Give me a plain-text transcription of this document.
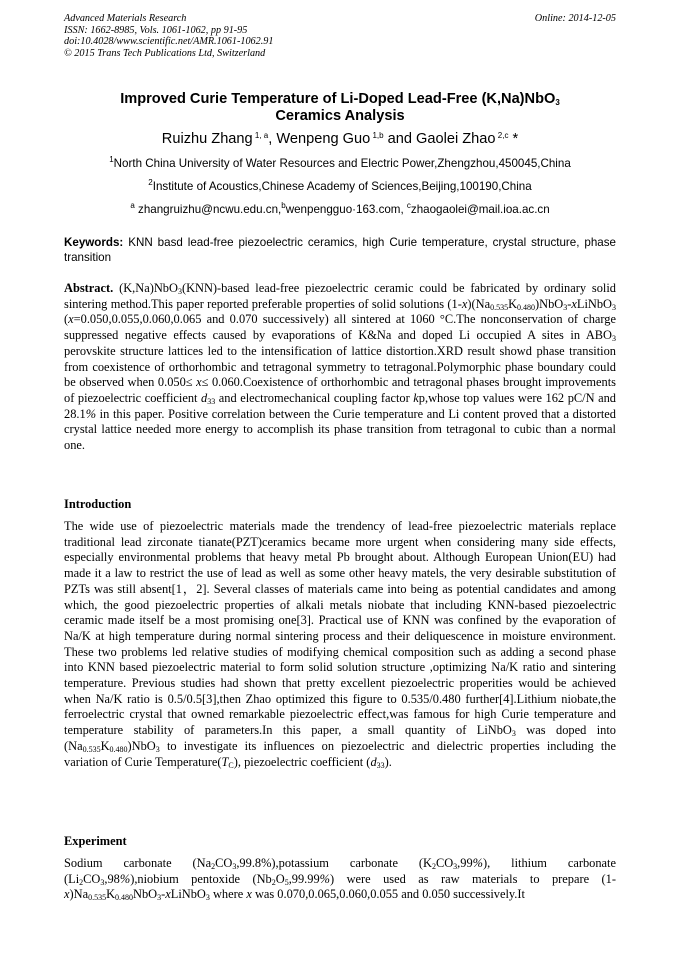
Advanced Materials Research
ISSN: 1662-8985, Vols. 1061-1062, pp 91-95
doi:10.4028/www.scientific.net/AMR.1061-1062.91
© 2015 Trans Tech Publications Ltd, Switzerland
Online: 2014-12-05
Improved Curie Temperature of Li-Doped Lead-Free (K,Na)NbO$_3$
Ceramics Analysis
Ruizhu Zhang $^{1, a}$, Wenpeng Guo $^{1,b}$ and Gaolei Zhao $^{2,c}$ *
$^1$North China University of Water Resources and Electric Power,Zhengzhou,450045,China
$^2$Institute of Acoustics,Chinese Academy of Sciences,Beijing,100190,China
$^a$ zhangruizhu@ncwu.edu.cn,$^b$wenpengguo·163.com, $^c$zhaogaolei@mail.ioa.ac.cn
Keywords: KNN basd lead-free piezoelectric ceramics, high Curie temperature, crystal structure, phase transition
Abstract. (K,Na)NbO$_3$(KNN)-based lead-free piezoelectric ceramic could be fabricated by ordinary solid sintering method.This paper reported preferable properties of solid solutions $(1-x)(Na_{0.535}K_{0.480})NbO_3-xLiNbO_3$ (x=0.050,0.055,0.060,0.065 and 0.070 successively) all sintered at 1060 °C.The nonconservation of charge suppressed negative effects caused by evaporations of K&Na and doped Li occupied A sites in $ABO_3$ perovskite structure lattices led to the intensification of lattice distortion.XRD result showd phase transition from coexistence of orthorhombic and tetragonal symmetry to tetragonal.Polymorphic phase boundary could be observed when 0.050≤ x≤ 0.060.Coexistence of orthorhombic and tetragonal phases brought improvements of piezoelectric coefficient $d_{33}$ and electromechanical coupling factor kp,whose top values were 162 pC/N and 28.1% in this paper. Positive correlation between the Curie temperature and Li content proved that a distorted crystal lattice needed more energy to accomplish its phase transition from tetragonal to cubic than a normal one.
Introduction
The wide use of piezoelectric materials made the trendency of lead-free piezoelectric materials replace traditional lead zirconate tianate(PZT)ceramics became more urgent when considering many side effects, especially environmental problems that heavy metal Pb brought about. Although European Union(EU) had made it a law to restrict the use of lead as well as some other heavy matels, the very desirable substitution of PZTs was still absent[1，2]. Several classes of materials came into being as potential candidates and among which, the good piezoelectric properties of alkali metals niobate that including KNN-based piezoelectric ceramic made itself be a most promising one[3]. Practical use of KNN was confined by the evaporation of Na/K at high temperature during normal sintering process and their deliquescence in moisture environment. These two problems led relative studies of modifying chemical composition such as adding a second phase into KNN based piezoelectric material to form solid solution structure ,optimizing Na/K ratio and sintering temperature. Previous studies had shown that pretty excellent piezoelectric properities would be achieved when Na/K ratio is 0.5/0.5[3],then Zhao optimized this figure to 0.535/0.480 further[4].Lithium niobate,the ferroelectric crystal that owned remarkable piezoelectric effect,was famous for high Curie temperature and temperature stability of parameters.In this paper, a small quantity of LiNbO$_3$ was doped into $(Na_{0.535}K_{0.480})NbO_3$ to investigate its influences on piezoelectric and dielectric properties including the variation of Curie $Temperature(T_C)$, piezoelectric coefficient $(d_{33})$.
Experiment
Sodium carbonate $(Na_2CO_3,99.8\%),potassium$ carbonate $(K_2CO_3,99\%)$, lithium carbonate $(Li_2CO_3,98\%),niobium$ pentoxide $(Nb_2O_5,99.99\%)$ were used as raw materials to prepare $(1-x)Na_{0.535}K_{0.480}NbO_3-xLiNbO_3$ where x was 0.070,0.065,0.060,0.055 and 0.050 successively.It
